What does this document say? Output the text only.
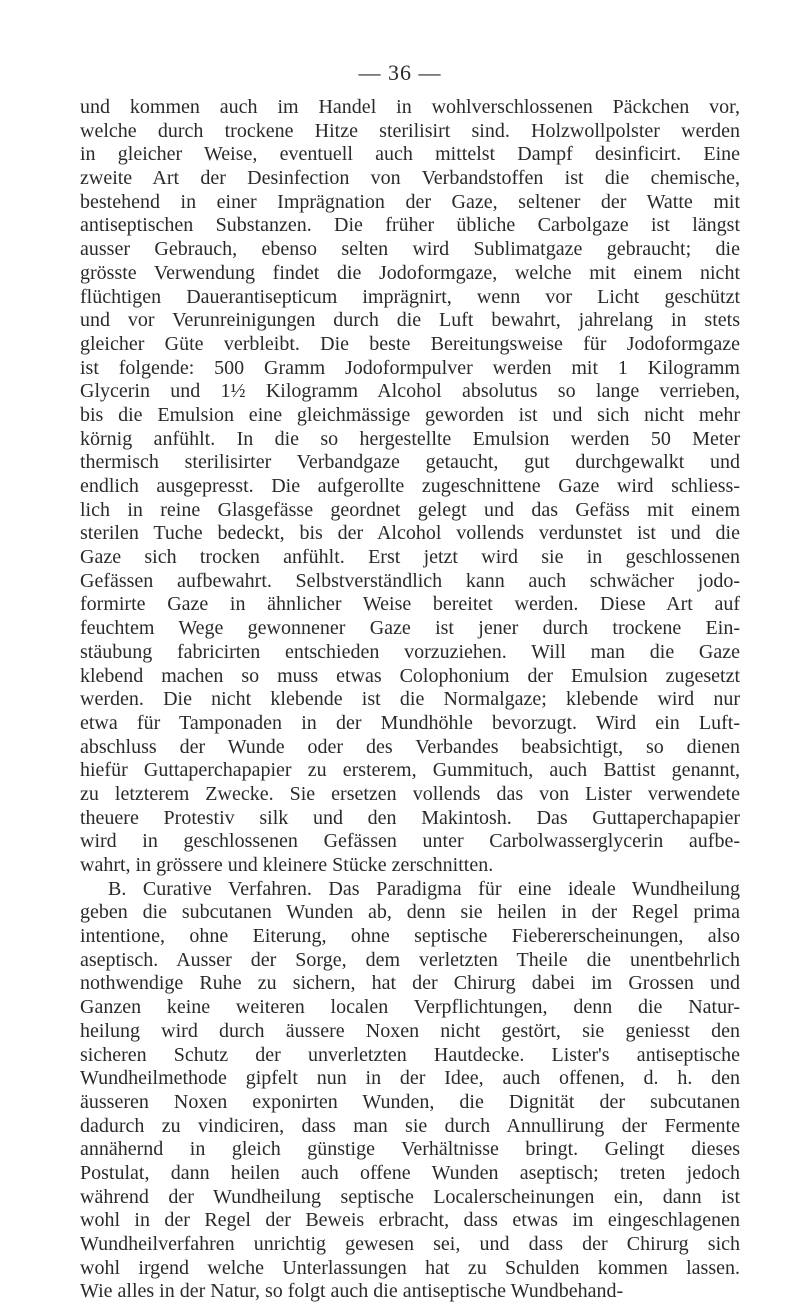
— 36 —
und kommen auch im Handel in wohlverschlossenen Päckchen vor,
welche durch trockene Hitze sterilisirt sind. Holzwollpolster werden
in gleicher Weise, eventuell auch mittelst Dampf desinficirt. Eine
zweite Art der Desinfection von Verbandstoffen ist die chemische,
bestehend in einer Imprägnation der Gaze, seltener der Watte mit
antiseptischen Substanzen. Die früher übliche Carbolgaze ist längst
ausser Gebrauch, ebenso selten wird Sublimatgaze gebraucht; die
grösste Verwendung findet die Jodoformgaze, welche mit einem nicht
flüchtigen Dauerantisepticum imprägnirt, wenn vor Licht geschützt
und vor Verunreinigungen durch die Luft bewahrt, jahrelang in stets
gleicher Güte verbleibt. Die beste Bereitungsweise für Jodoformgaze
ist folgende: 500 Gramm Jodoformpulver werden mit 1 Kilogramm
Glycerin und 1½ Kilogramm Alcohol absolutus so lange verrieben,
bis die Emulsion eine gleichmässige geworden ist und sich nicht mehr
körnig anfühlt. In die so hergestellte Emulsion werden 50 Meter
thermisch sterilisirter Verbandgaze getaucht, gut durchgewalkt und
endlich ausgepresst. Die aufgerollte zugeschnittene Gaze wird schliess-
lich in reine Glasgefässe geordnet gelegt und das Gefäss mit einem
sterilen Tuche bedeckt, bis der Alcohol vollends verdunstet ist und die
Gaze sich trocken anfühlt. Erst jetzt wird sie in geschlossenen
Gefässen aufbewahrt. Selbstverständlich kann auch schwächer jodo-
formirte Gaze in ähnlicher Weise bereitet werden. Diese Art auf
feuchtem Wege gewonnener Gaze ist jener durch trockene Ein-
stäubung fabricirten entschieden vorzuziehen. Will man die Gaze
klebend machen so muss etwas Colophonium der Emulsion zugesetzt
werden. Die nicht klebende ist die Normalgaze; klebende wird nur
etwa für Tamponaden in der Mundhöhle bevorzugt. Wird ein Luft-
abschluss der Wunde oder des Verbandes beabsichtigt, so dienen
hiefür Guttaperchapapier zu ersterem, Gummituch, auch Battist genannt,
zu letzterem Zwecke. Sie ersetzen vollends das von Lister verwendete
theuere Protestiv silk und den Makintosh. Das Guttaperchapapier
wird in geschlossenen Gefässen unter Carbolwasserglycerin aufbe-
wahrt, in grössere und kleinere Stücke zerschnitten.
B. Curative Verfahren. Das Paradigma für eine ideale Wundheilung
geben die subcutanen Wunden ab, denn sie heilen in der Regel prima
intentione, ohne Eiterung, ohne septische Fiebererscheinungen, also
aseptisch. Ausser der Sorge, dem verletzten Theile die unentbehrlich
nothwendige Ruhe zu sichern, hat der Chirurg dabei im Grossen und
Ganzen keine weiteren localen Verpflichtungen, denn die Natur-
heilung wird durch äussere Noxen nicht gestört, sie geniesst den
sicheren Schutz der unverletzten Hautdecke. Lister's antiseptische
Wundheilmethode gipfelt nun in der Idee, auch offenen, d. h. den
äusseren Noxen exponirten Wunden, die Dignität der subcutanen
dadurch zu vindiciren, dass man sie durch Annullirung der Fermente
annähernd in gleich günstige Verhältnisse bringt. Gelingt dieses
Postulat, dann heilen auch offene Wunden aseptisch; treten jedoch
während der Wundheilung septische Localerscheinungen ein, dann ist
wohl in der Regel der Beweis erbracht, dass etwas im eingeschlagenen
Wundheilverfahren unrichtig gewesen sei, und dass der Chirurg sich
wohl irgend welche Unterlassungen hat zu Schulden kommen lassen.
Wie alles in der Natur, so folgt auch die antiseptische Wundbehand-
